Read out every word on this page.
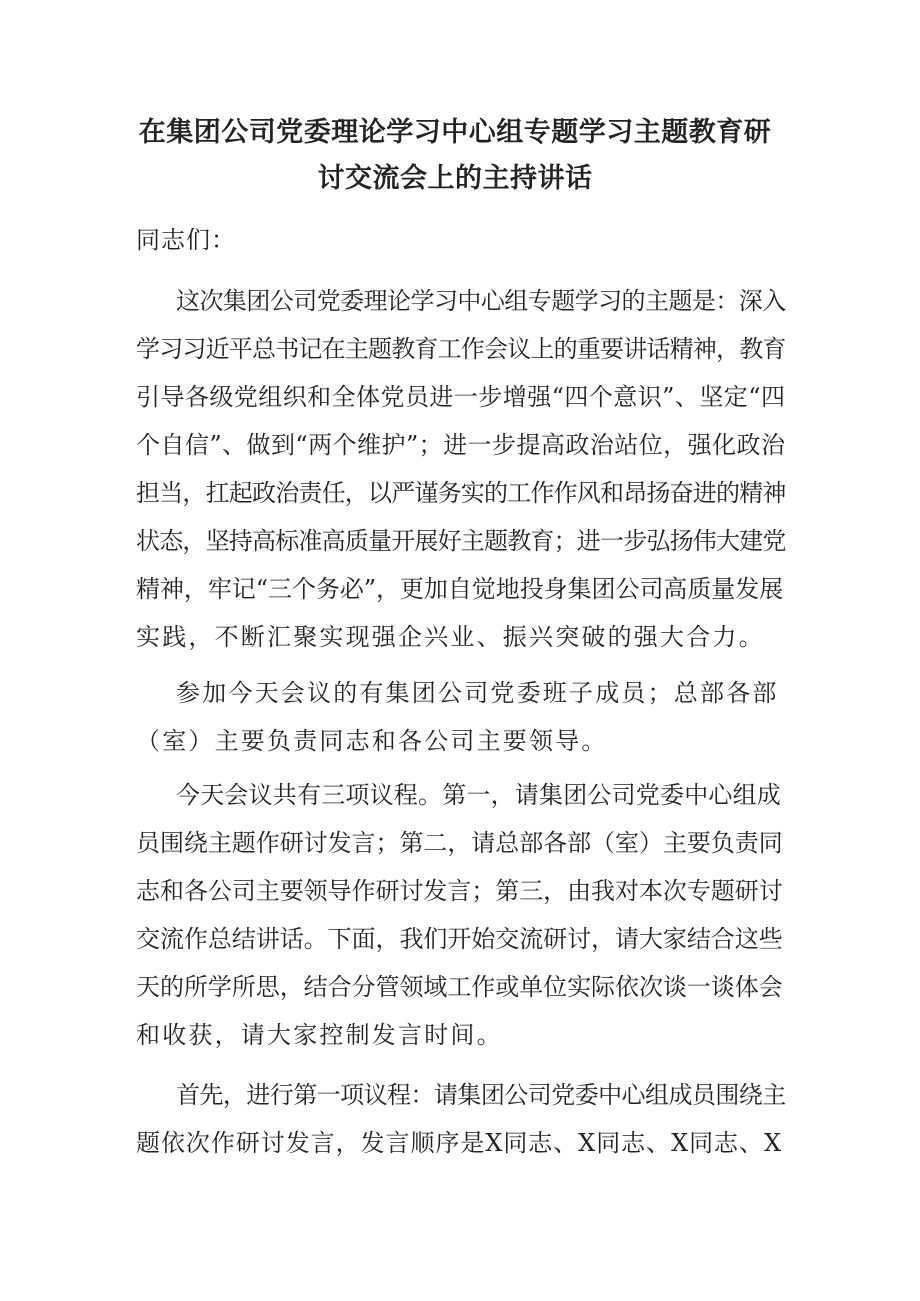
在集团公司党委理论学习中心组专题学习主题教育研
讨交流会上的主持讲话
同志们：
这次集团公司党委理论学习中心组专题学习的主题是：深入
学习习近平总书记在主题教育工作会议上的重要讲话精神，教育
引导各级党组织和全体党员进一步增强“四个意识”、坚定“四
个自信”、做到“两个维护”；进一步提高政治站位，强化政治
担当，扛起政治责任，以严谨务实的工作作风和昂扬奋进的精神
状态，坚持高标准高质量开展好主题教育；进一步弘扬伟大建党
精神，牢记“三个务必”，更加自觉地投身集团公司高质量发展
实践，不断汇聚实现强企兴业、振兴突破的强大合力。
参加今天会议的有集团公司党委班子成员；总部各部
（室）主要负责同志和各公司主要领导。
今天会议共有三项议程。第一，请集团公司党委中心组成
员围绕主题作研讨发言；第二，请总部各部（室）主要负责同
志和各公司主要领导作研讨发言；第三，由我对本次专题研讨
交流作总结讲话。下面，我们开始交流研讨，请大家结合这些
天的所学所思，结合分管领域工作或单位实际依次谈一谈体会
和收获，请大家控制发言时间。
首先，进行第一项议程：请集团公司党委中心组成员围绕主
题依次作研讨发言，发言顺序是X同志、X同志、X同志、X
